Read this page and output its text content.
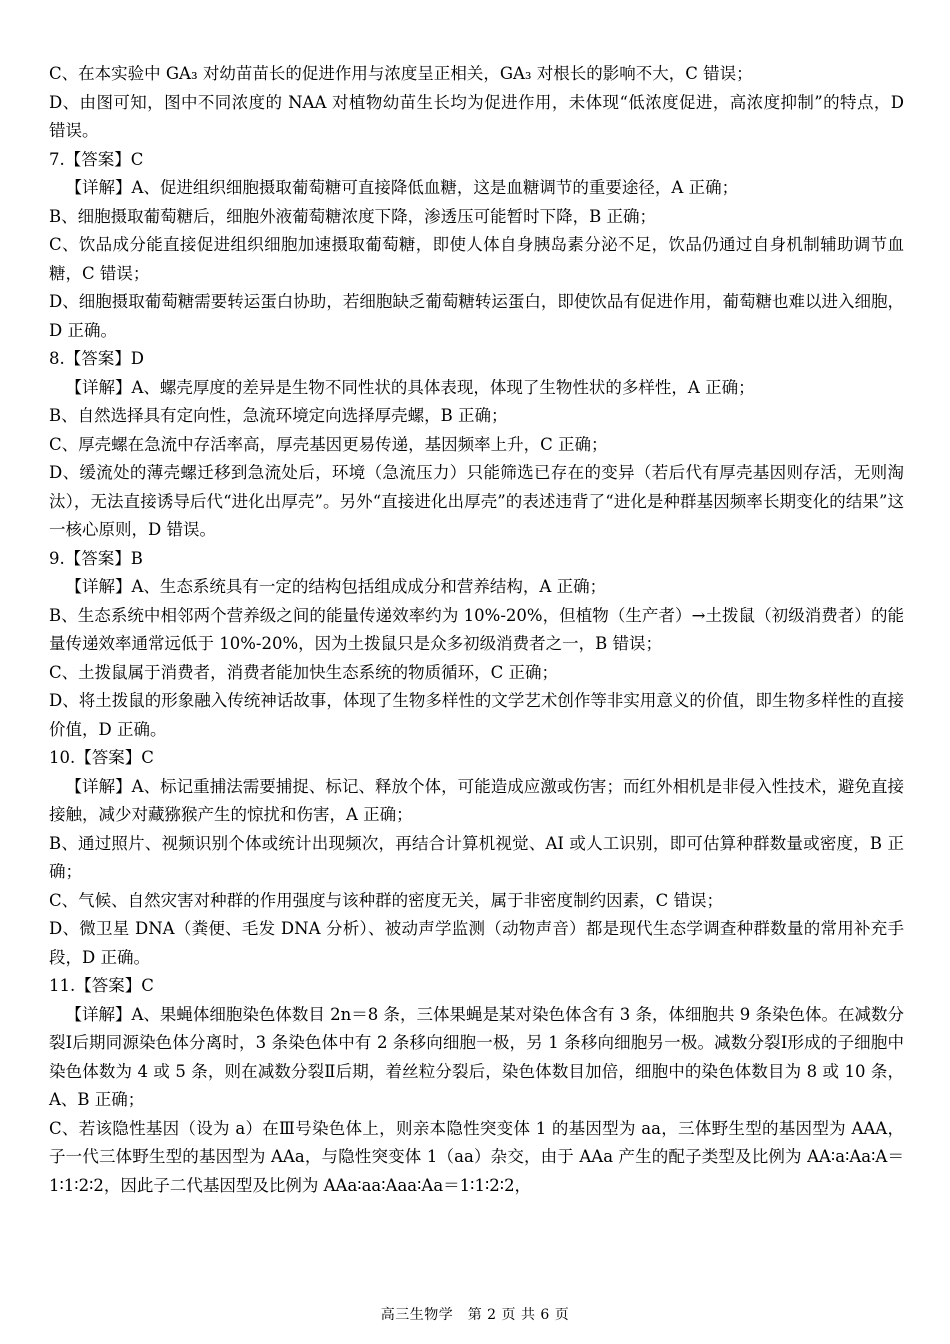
C、在本实验中 GA₃ 对幼苗苗长的促进作用与浓度呈正相关，GA₃ 对根长的影响不大，C 错误；

D、由图可知，图中不同浓度的 NAA 对植物幼苗生长均为促进作用，未体现“低浓度促进，高浓度抑制”的特点，D 错误。

7.【答案】C

【详解】A、促进组织细胞摄取葡萄糖可直接降低血糖，这是血糖调节的重要途径，A 正确；

B、细胞摄取葡萄糖后，细胞外液葡萄糖浓度下降，渗透压可能暂时下降，B 正确；

C、饮品成分能直接促进组织细胞加速摄取葡萄糖，即使人体自身胰岛素分泌不足，饮品仍通过自身机制辅助调节血糖，C 错误；

D、细胞摄取葡萄糖需要转运蛋白协助，若细胞缺乏葡萄糖转运蛋白，即使饮品有促进作用，葡萄糖也难以进入细胞，D 正确。

8.【答案】D

【详解】A、螺壳厚度的差异是生物不同性状的具体表现，体现了生物性状的多样性，A 正确；

B、自然选择具有定向性，急流环境定向选择厚壳螺，B 正确；

C、厚壳螺在急流中存活率高，厚壳基因更易传递，基因频率上升，C 正确；

D、缓流处的薄壳螺迁移到急流处后，环境（急流压力）只能筛选已存在的变异（若后代有厚壳基因则存活，无则淘汰），无法直接诱导后代“进化出厚壳”。另外“直接进化出厚壳”的表述违背了“进化是种群基因频率长期变化的结果”这一核心原则，D 错误。

9.【答案】B

【详解】A、生态系统具有一定的结构包括组成成分和营养结构，A 正确；

B、生态系统中相邻两个营养级之间的能量传递效率约为 10%-20%，但植物（生产者）→土拨鼠（初级消费者）的能量传递效率通常远低于 10%-20%，因为土拨鼠只是众多初级消费者之一，B 错误；

C、土拨鼠属于消费者，消费者能加快生态系统的物质循环，C 正确；

D、将土拨鼠的形象融入传统神话故事，体现了生物多样性的文学艺术创作等非实用意义的价值，即生物多样性的直接价值，D 正确。

10.【答案】C

【详解】A、标记重捕法需要捕捉、标记、释放个体，可能造成应激或伤害；而红外相机是非侵入性技术，避免直接接触，减少对藏猕猴产生的惊扰和伤害，A 正确；

B、通过照片、视频识别个体或统计出现频次，再结合计算机视觉、AI 或人工识别，即可估算种群数量或密度，B 正确；

C、气候、自然灾害对种群的作用强度与该种群的密度无关，属于非密度制约因素，C 错误；

D、微卫星 DNA（粪便、毛发 DNA 分析）、被动声学监测（动物声音）都是现代生态学调查种群数量的常用补充手段，D 正确。

11.【答案】C

【详解】A、果蝇体细胞染色体数目 2n＝8 条，三体果蝇是某对染色体含有 3 条，体细胞共 9 条染色体。在减数分裂Ⅰ后期同源染色体分离时，3 条染色体中有 2 条移向细胞一极，另 1 条移向细胞另一极。减数分裂Ⅰ形成的子细胞中染色体数为 4 或 5 条，则在减数分裂Ⅱ后期，着丝粒分裂后，染色体数目加倍，细胞中的染色体数目为 8 或 10 条，A、B 正确；

C、若该隐性基因（设为 a）在Ⅲ号染色体上，则亲本隐性突变体 1 的基因型为 aa，三体野生型的基因型为 AAA，子一代三体野生型的基因型为 AAa，与隐性突变体 1（aa）杂交，由于 AAa 产生的配子类型及比例为 AA∶a∶Aa∶A＝1∶1∶2∶2，因此子二代基因型及比例为 AAa∶aa∶Aaa∶Aa＝1∶1∶2∶2，

高三生物学　第 2 页 共 6 页
